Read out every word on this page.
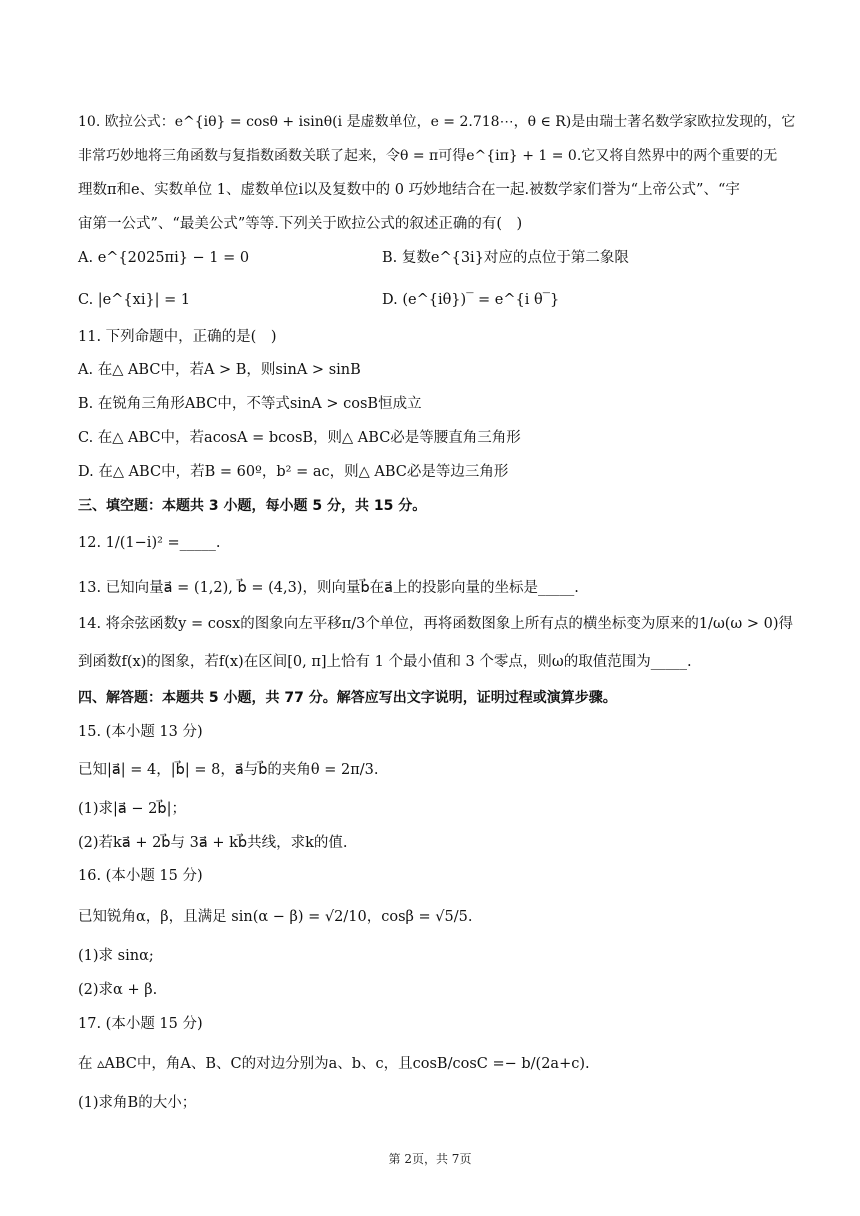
10. 欧拉公式：e^{iθ} = cosθ + isinθ(i 是虚数单位，e = 2.718⋯，θ ∈ R)是由瑞士著名数学家欧拉发现的，它
非常巧妙地将三角函数与复指数函数关联了起来，令θ = π可得e^{iπ} + 1 = 0.它又将自然界中的两个重要的无
理数π和e、实数单位 1、虚数单位i以及复数中的 0 巧妙地结合在一起.被数学家们誉为“上帝公式”、“宇
宙第一公式”、“最美公式”等等.下列关于欧拉公式的叙述正确的有(　)
A. e^{2025πi} − 1 = 0	B. 复数e^{3i}对应的点位于第二象限
C. |e^{xi}| = 1	D. (e^{iθ})‾ = e^{i θ‾}
11. 下列命题中，正确的是(　)
A. 在△ ABC中，若A > B，则sinA > sinB
B. 在锐角三角形ABC中，不等式sinA > cosB恒成立
C. 在△ ABC中，若acosA = bcosB，则△ ABC必是等腰直角三角形
D. 在△ ABC中，若B = 60º，b² = ac，则△ ABC必是等边三角形
三、填空题：本题共 3 小题，每小题 5 分，共 15 分。
12. 1/(1−i)² =_____.
13. 已知向量a⃗ = (1,2), b⃗ = (4,3)，则向量b⃗在a⃗上的投影向量的坐标是_____.
14. 将余弦函数y = cosx的图象向左平移π/3个单位，再将函数图象上所有点的横坐标变为原来的1/ω(ω > 0)得
到函数f(x)的图象，若f(x)在区间[0, π]上恰有 1 个最小值和 3 个零点，则ω的取值范围为_____.
四、解答题：本题共 5 小题，共 77 分。解答应写出文字说明，证明过程或演算步骤。
15. (本小题 13 分)
已知|a⃗| = 4，|b⃗| = 8，a⃗与b⃗的夹角θ = 2π/3.
(1)求|a⃗ − 2b⃗|；
(2)若ka⃗ + 2b⃗与 3a⃗ + kb⃗共线，求k的值.
16. (本小题 15 分)
已知锐角α，β，且满足 sin(α − β) = √2/10，cosβ = √5/5.
(1)求 sinα;
(2)求α + β.
17. (本小题 15 分)
在 ▵ABC中，角A、B、C的对边分别为a、b、c，且cosB/cosC =− b/(2a+c).
(1)求角B的大小；
第 2页，共 7页
